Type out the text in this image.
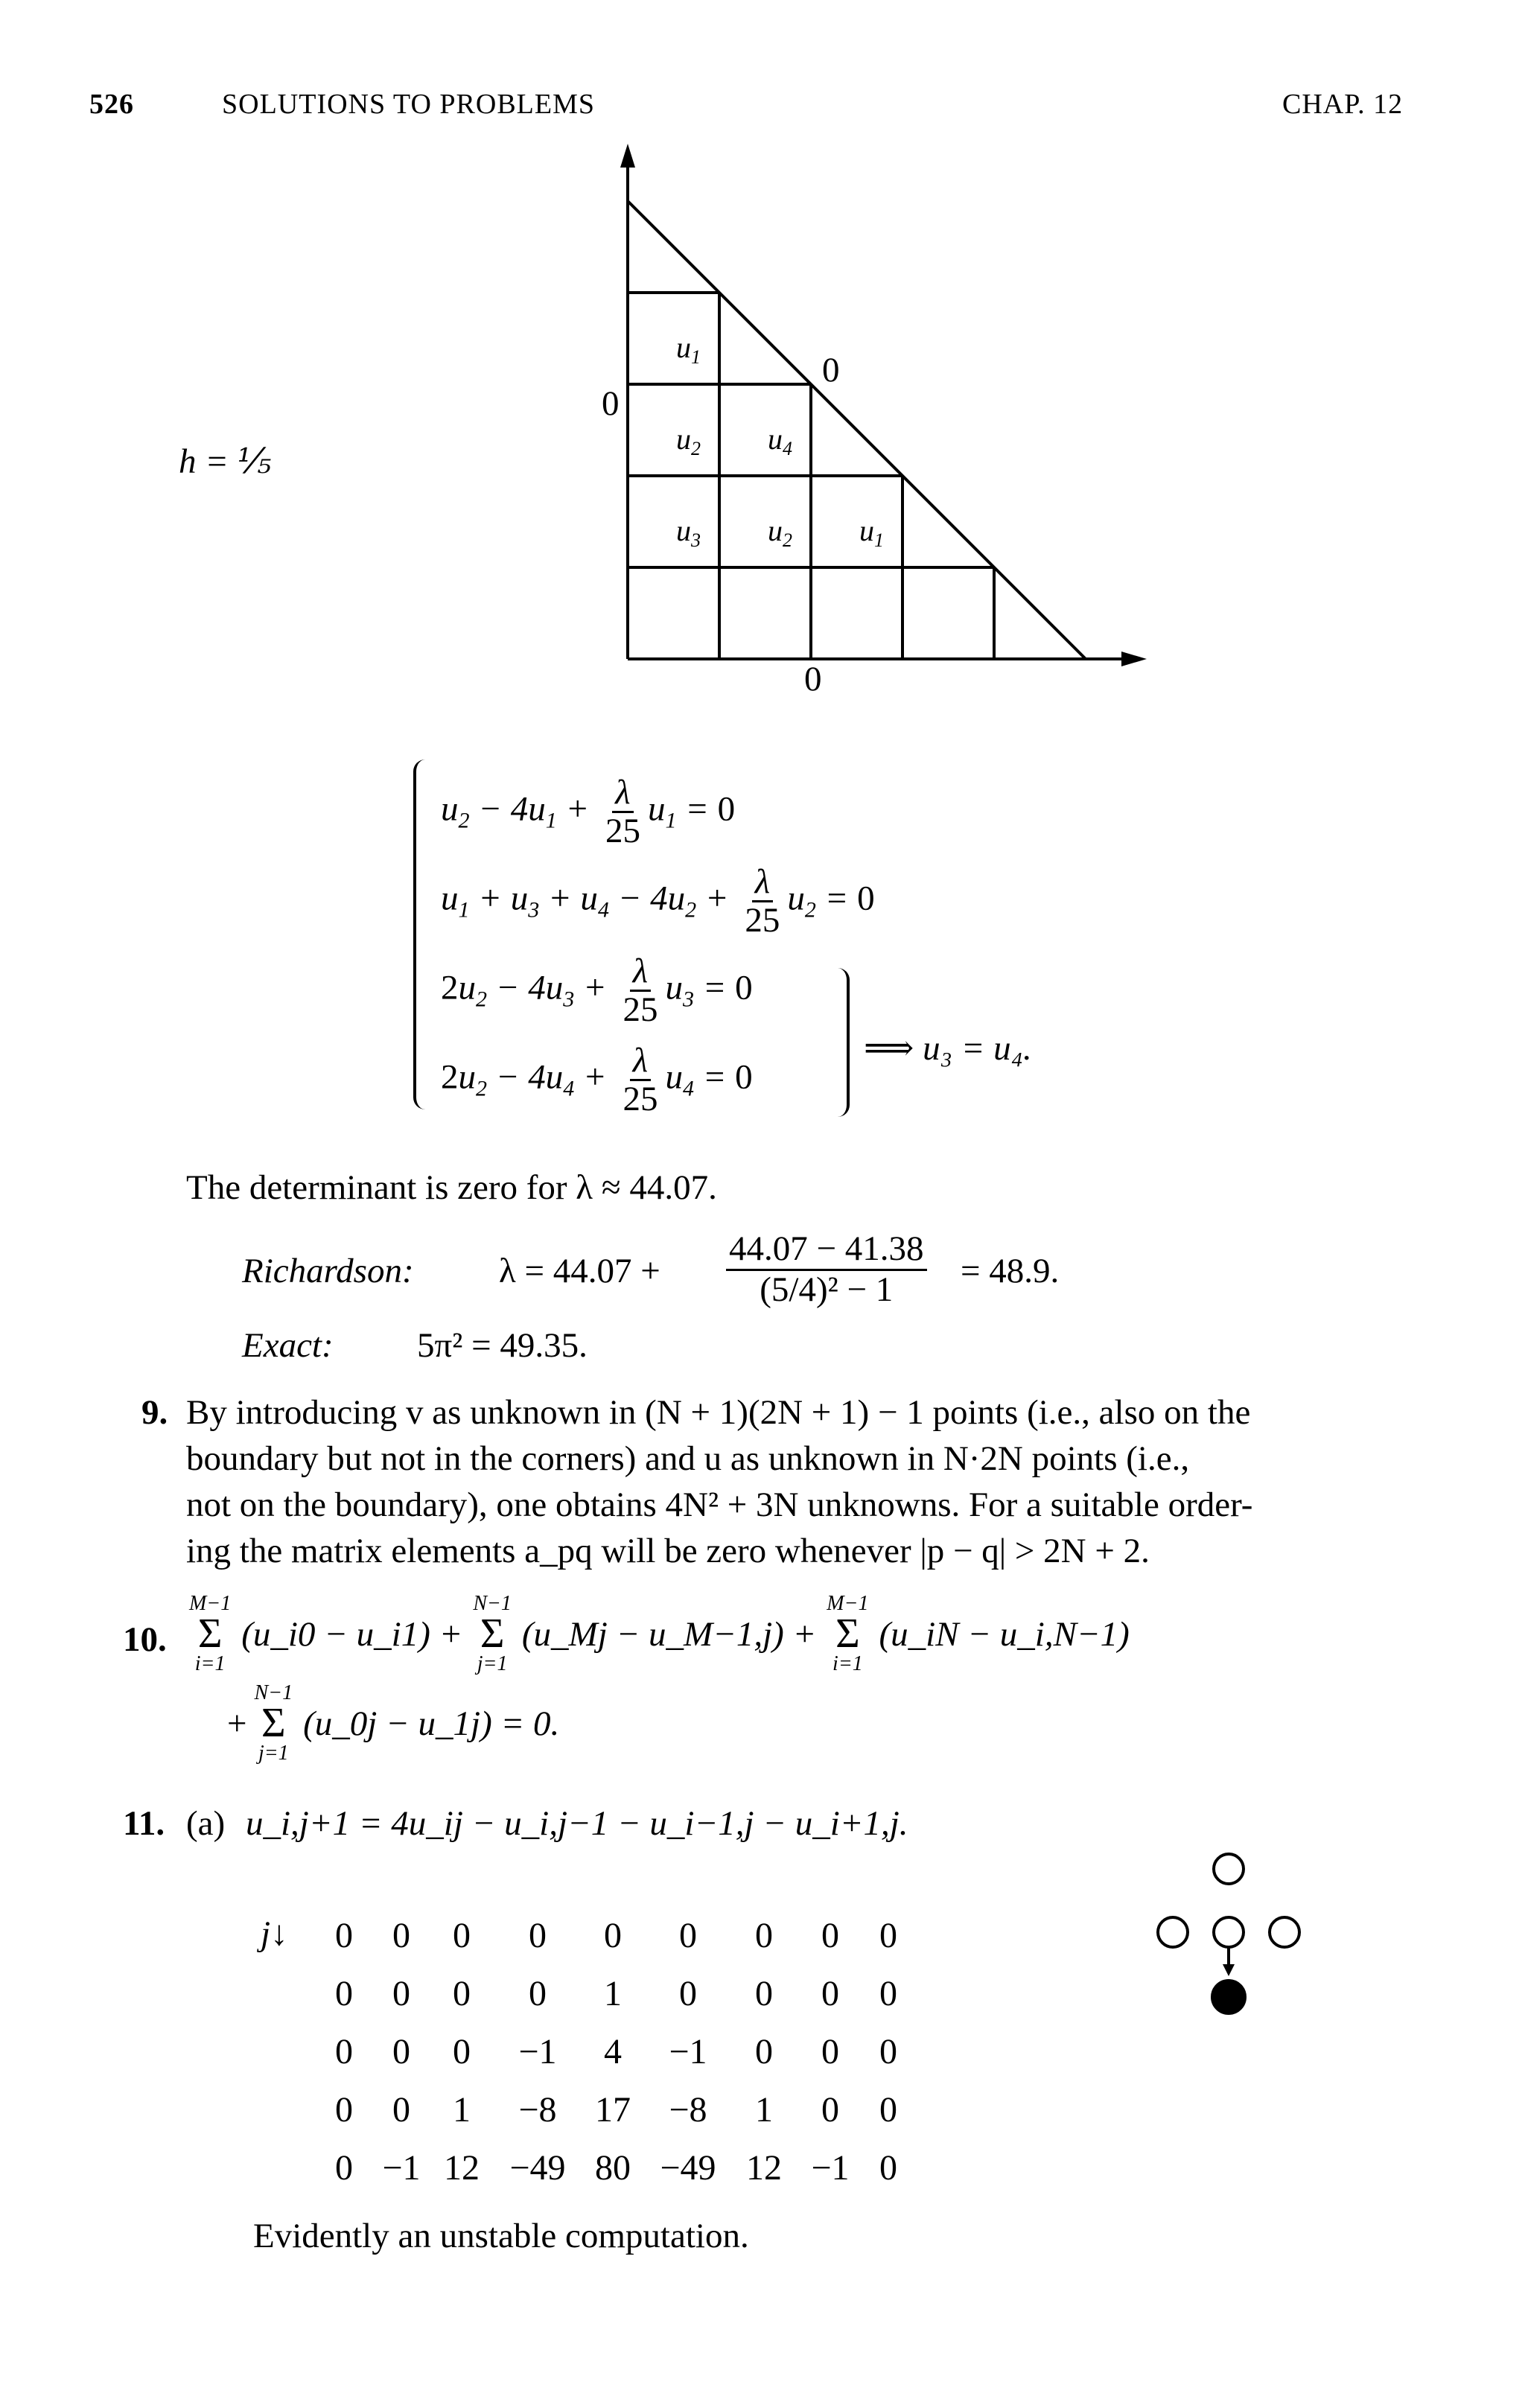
526	SOLUTIONS TO PROBLEMS	CHAP. 12
h = ⅕
$u_1$
$u_2$ $u_4$
$u_3$ $u_2$ $u_1$
0
0
0
$u_2 - 4u_1 + \frac{\lambda}{25} u_1 = 0$
$u_1 + u_3 + u_4 - 4u_2 + \frac{\lambda}{25} u_2 = 0$
$2u_2 - 4u_3 + \frac{\lambda}{25} u_3 = 0$
$2u_2 - 4u_4 + \frac{\lambda}{25} u_4 = 0$
⟹ u₃ = u₄.
The determinant is zero for λ ≈ 44.07.
Richardson: $\lambda = 44.07 + \frac{44.07 - 41.38}{\text{(5/4)² − 1}} = 48.9$.
Exact: 5π² = 49.35.
9. By introducing v as unknown in (N + 1)(2N + 1) − 1 points (i.e., also on the
boundary but not in the corners) and u as unknown in N·2N points (i.e.,
not on the boundary), one obtains 4N² + 3N unknowns. For a suitable order-
ing the matrix elements a_pq will be zero whenever |p − q| > 2N + 2.
10.
M−1
Σ
i=1
(u_i0 − u_i1) +
N−1
Σ
j=1
(u_Mj − u_M−1,j) +
M−1
Σ
i=1
(u_iN − u_i,N−1)
+
N−1
Σ
j=1
(u_0j − u_1j) = 0.
11. (a) u_i,j+1 = 4u_ij − u_i,j−1 − u_i−1,j − u_i+1,j.
j↓ 0	0	0	0	0	0	0	0	0
0	0	0	0	1	0	0	0	0
0	0	0	−1	4	−1	0	0	0
0	0	1	−8	17	−8	1	0	0
0	−1	12	−49	80	−49	12	−1	0
Evidently an unstable computation.
